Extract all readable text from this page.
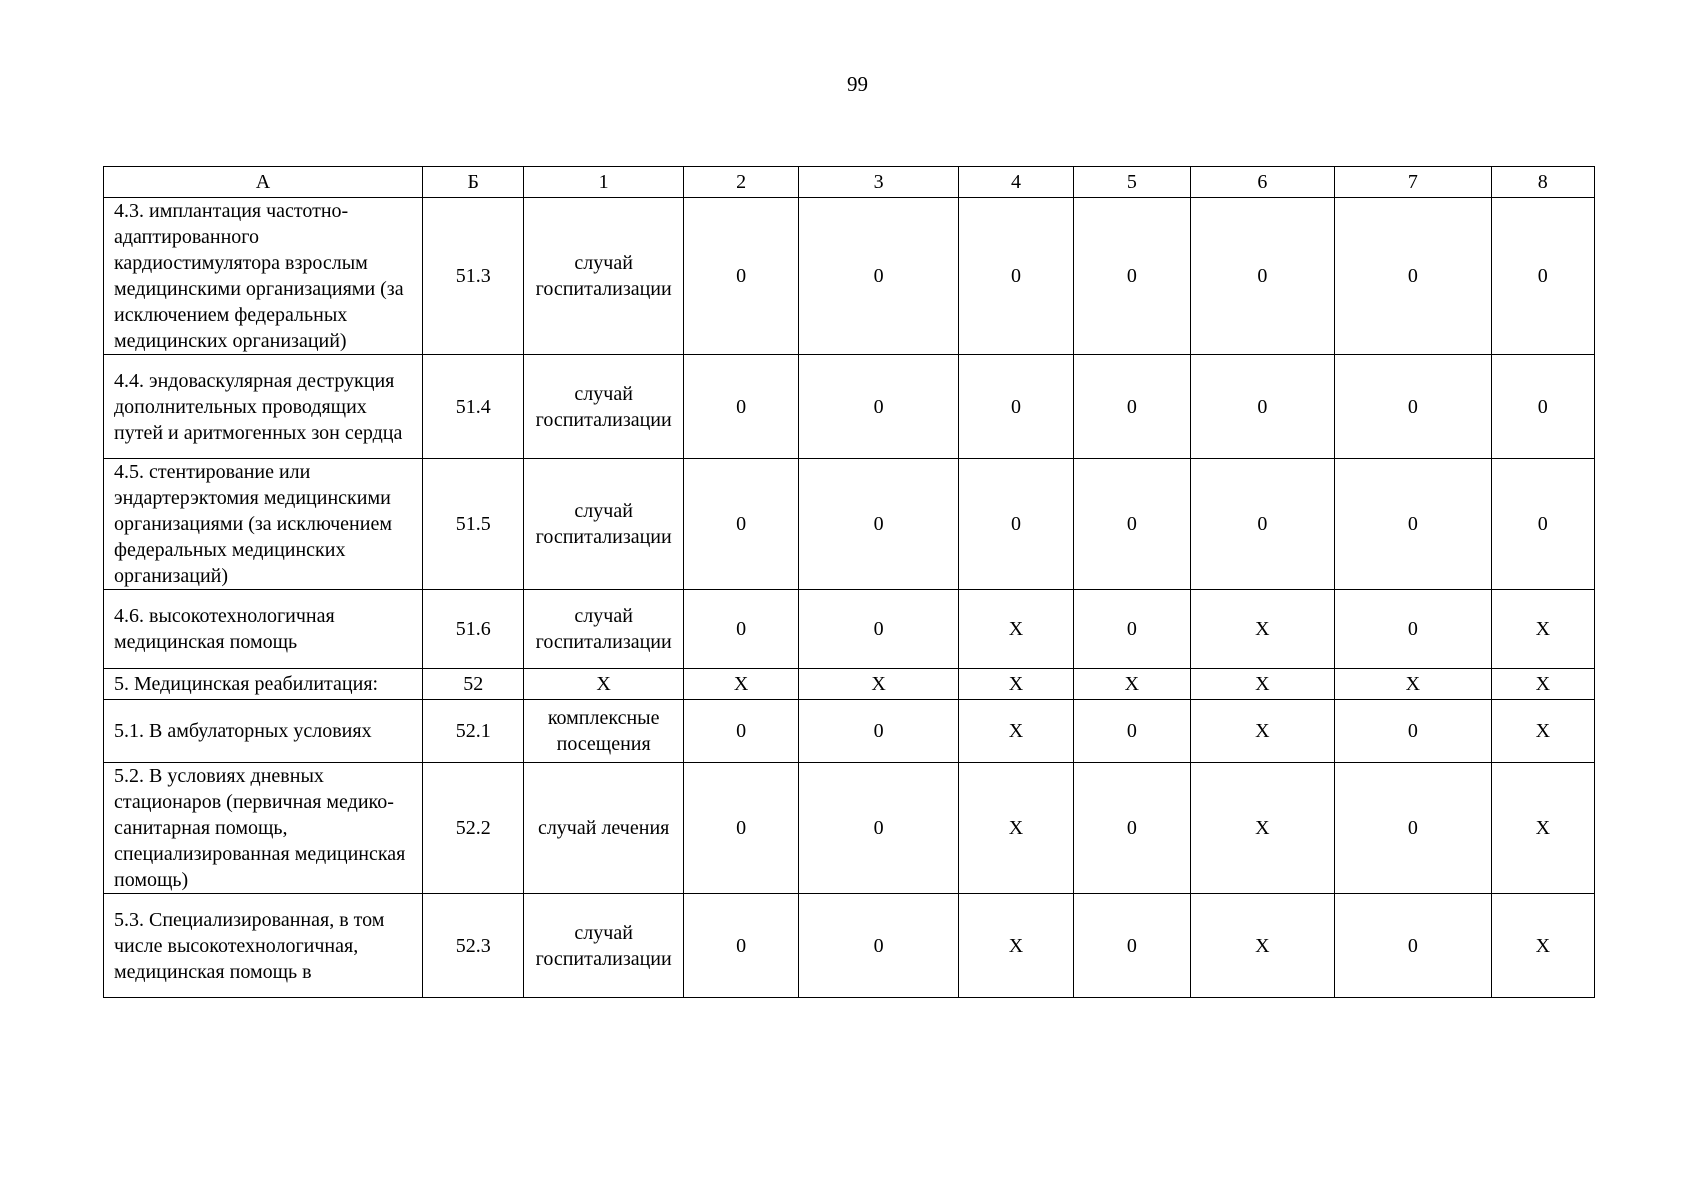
99
А	Б	1	2	3	4	5	6	7	8
4.3. имплантация частотно-адаптированного кардиостимулятора взрослым медицинскими организациями (за исключением федеральных медицинских организаций)	51.3	случай госпитализации	0	0	0	0	0	0	0
4.4. эндоваскулярная деструкция дополнительных проводящих путей и аритмогенных зон сердца	51.4	случай госпитализации	0	0	0	0	0	0	0
4.5. стентирование или эндартерэктомия медицинскими организациями (за исключением федеральных медицинских организаций)	51.5	случай госпитализации	0	0	0	0	0	0	0
4.6. высокотехнологичная медицинская помощь	51.6	случай госпитализации	0	0	X	0	X	0	X
5. Медицинская реабилитация:	52	X	X	X	X	X	X	X	X
5.1. В амбулаторных условиях	52.1	комплексные посещения	0	0	X	0	X	0	X
5.2. В условиях дневных стационаров (первичная медико-санитарная помощь, специализированная медицинская помощь)	52.2	случай лечения	0	0	X	0	X	0	X
5.3. Специализированная, в том числе высокотехнологичная, медицинская помощь в	52.3	случай госпитализации	0	0	X	0	X	0	X
